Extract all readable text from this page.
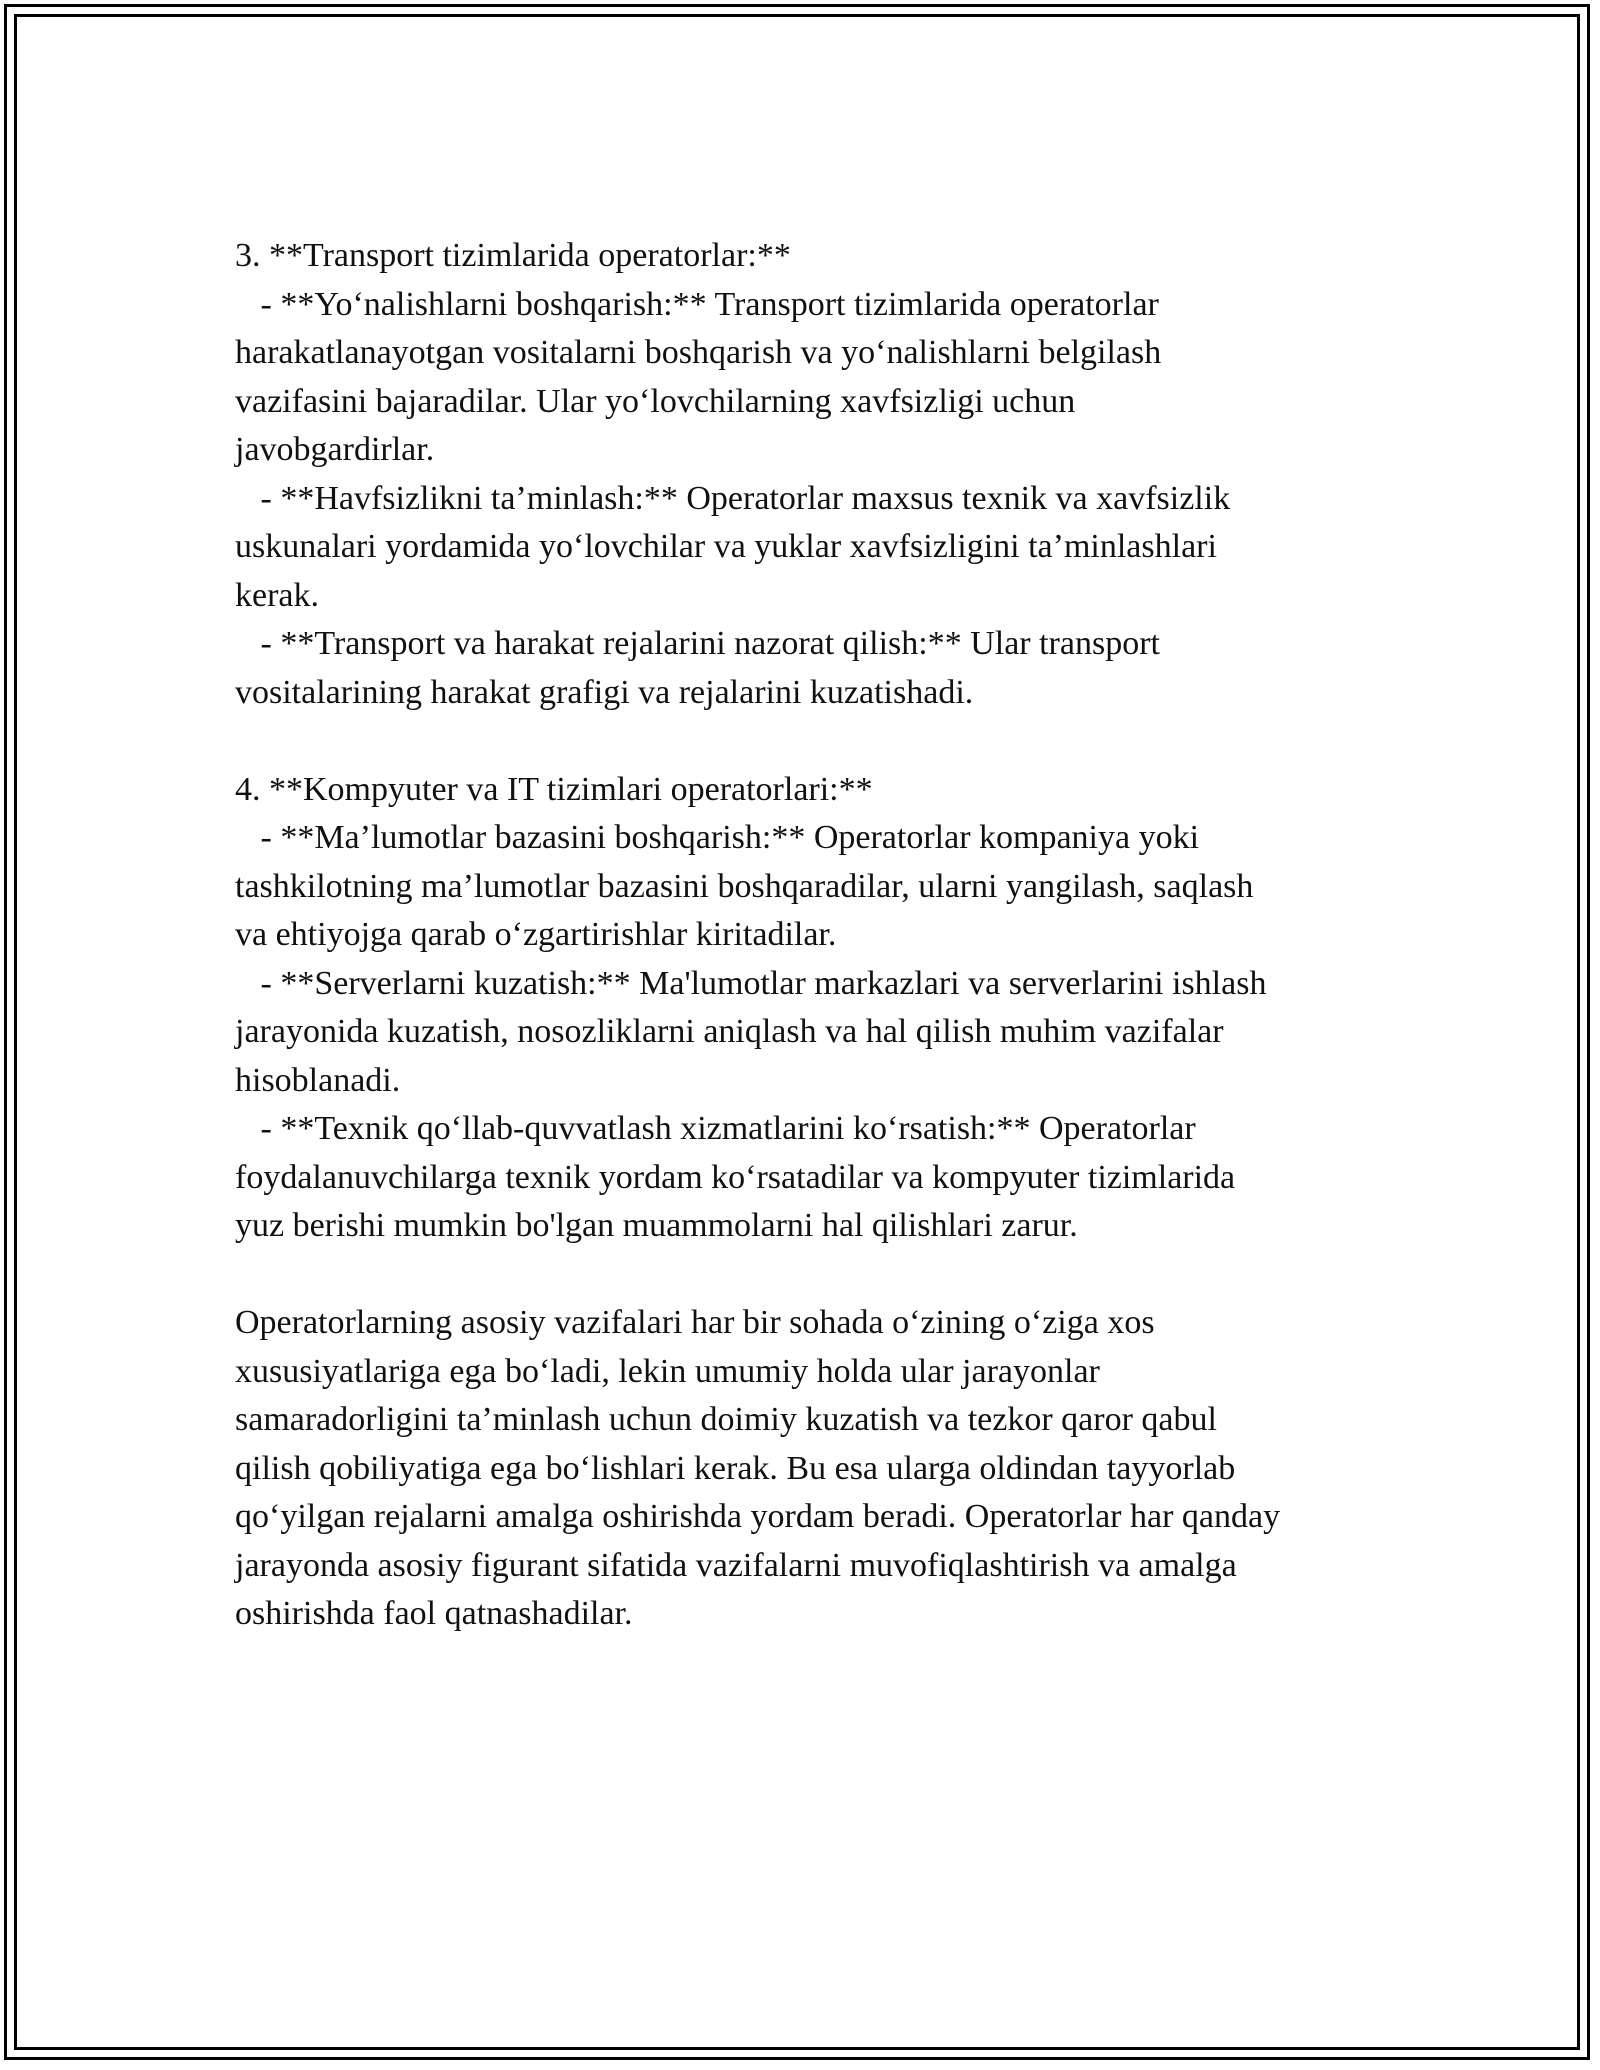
3. **Transport tizimlarida operatorlar:**
- **Yo‘nalishlarni boshqarish:** Transport tizimlarida operatorlar
harakatlanayotgan vositalarni boshqarish va yo‘nalishlarni belgilash
vazifasini bajaradilar. Ular yo‘lovchilarning xavfsizligi uchun
javobgardirlar.
- **Havfsizlikni ta’minlash:** Operatorlar maxsus texnik va xavfsizlik
uskunalari yordamida yo‘lovchilar va yuklar xavfsizligini ta’minlashlari
kerak.
- **Transport va harakat rejalarini nazorat qilish:** Ular transport
vositalarining harakat grafigi va rejalarini kuzatishadi.
4. **Kompyuter va IT tizimlari operatorlari:**
- **Ma’lumotlar bazasini boshqarish:** Operatorlar kompaniya yoki
tashkilotning ma’lumotlar bazasini boshqaradilar, ularni yangilash, saqlash
va ehtiyojga qarab o‘zgartirishlar kiritadilar.
- **Serverlarni kuzatish:** Ma'lumotlar markazlari va serverlarini ishlash
jarayonida kuzatish, nosozliklarni aniqlash va hal qilish muhim vazifalar
hisoblanadi.
- **Texnik qo‘llab-quvvatlash xizmatlarini ko‘rsatish:** Operatorlar
foydalanuvchilarga texnik yordam ko‘rsatadilar va kompyuter tizimlarida
yuz berishi mumkin bo'lgan muammolarni hal qilishlari zarur.
Operatorlarning asosiy vazifalari har bir sohada o‘zining o‘ziga xos
xususiyatlariga ega bo‘ladi, lekin umumiy holda ular jarayonlar
samaradorligini ta’minlash uchun doimiy kuzatish va tezkor qaror qabul
qilish qobiliyatiga ega bo‘lishlari kerak. Bu esa ularga oldindan tayyorlab
qo‘yilgan rejalarni amalga oshirishda yordam beradi. Operatorlar har qanday
jarayonda asosiy figurant sifatida vazifalarni muvofiqlashtirish va amalga
oshirishda faol qatnashadilar.
